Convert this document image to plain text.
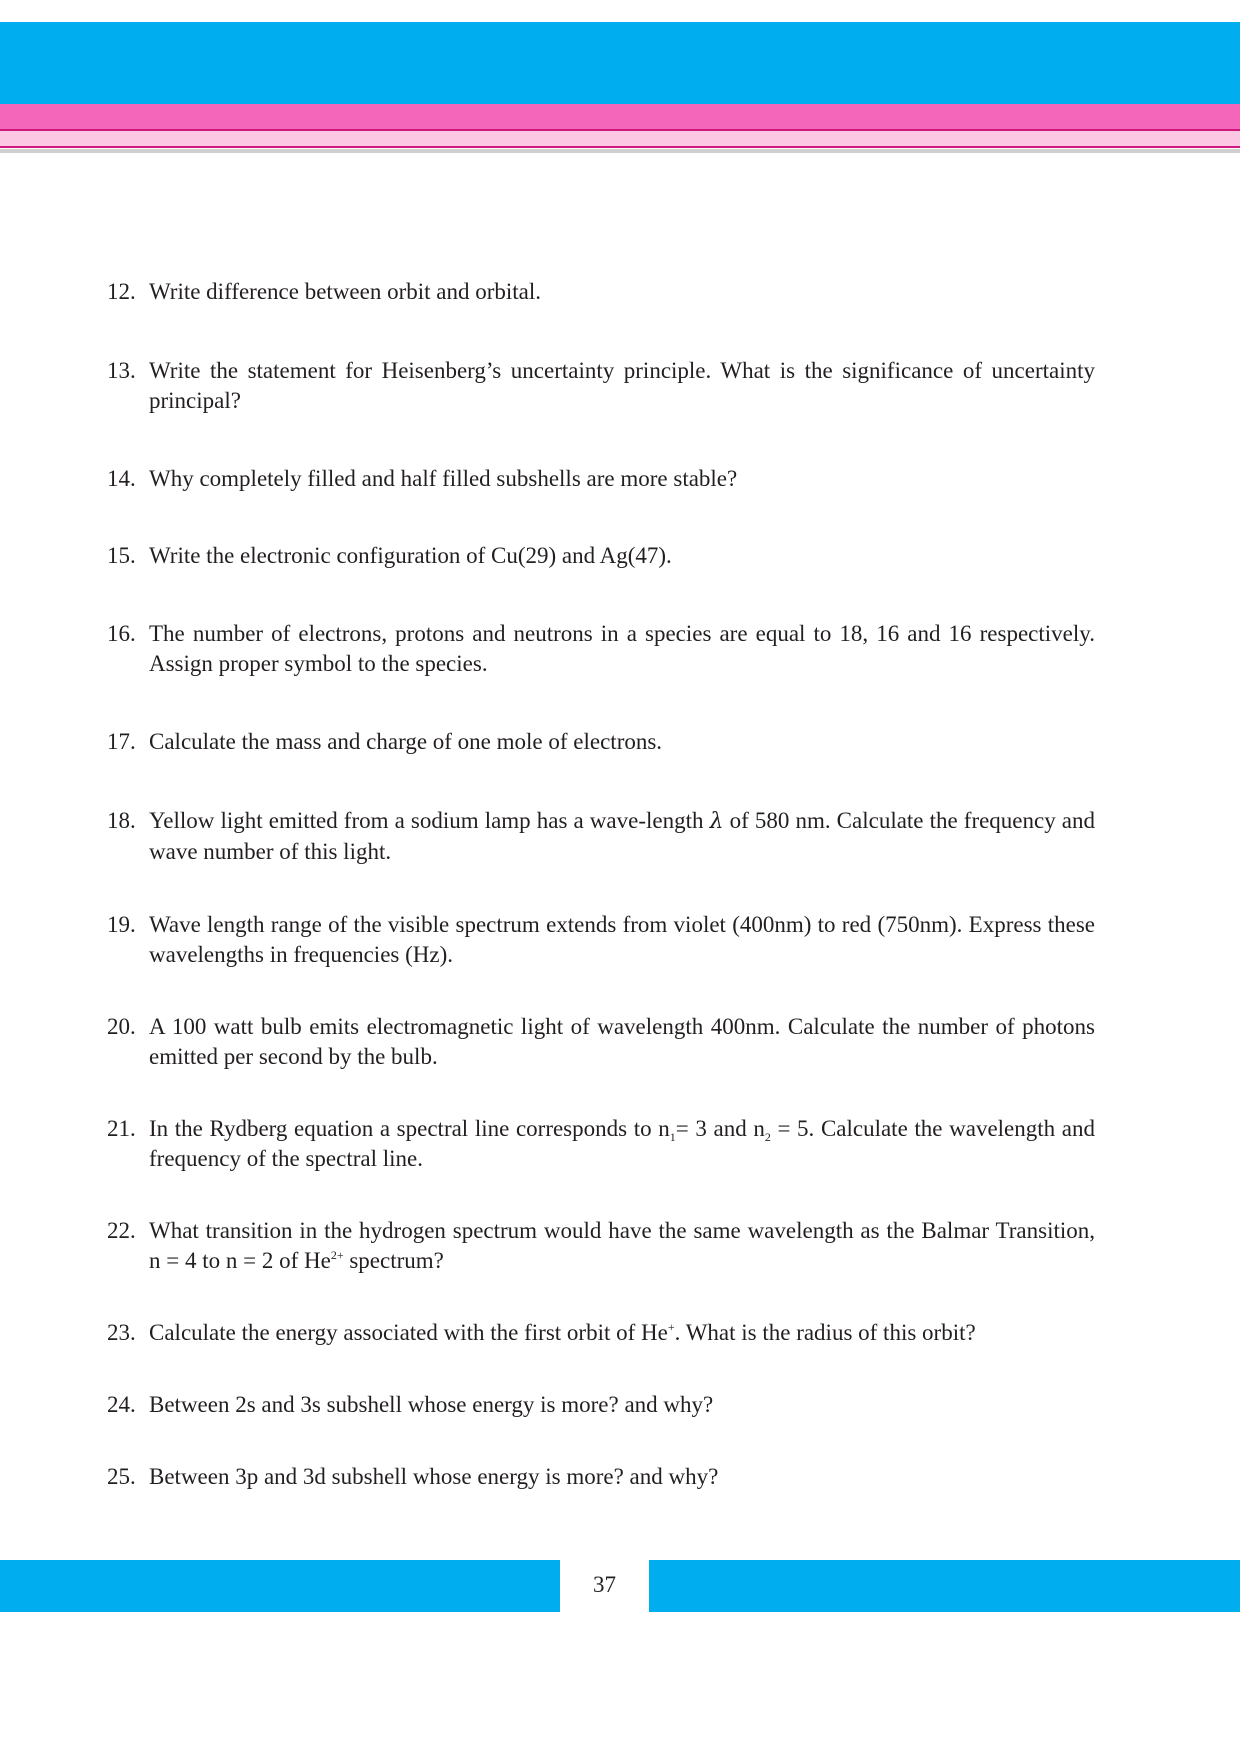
12. Write difference between orbit and orbital.
13. Write the statement for Heisenberg’s uncertainty principle. What is the significance of uncertainty principal?
14. Why completely filled and half filled subshells are more stable?
15. Write the electronic configuration of Cu(29) and Ag(47).
16. The number of electrons, protons and neutrons in a species are equal to 18, 16 and 16 respectively. Assign proper symbol to the species.
17. Calculate the mass and charge of one mole of electrons.
18. Yellow light emitted from a sodium lamp has a wave-length λ of 580 nm. Calculate the frequency and wave number of this light.
19. Wave length range of the visible spectrum extends from violet (400nm) to red (750nm). Express these wavelengths in frequencies (Hz).
20. A 100 watt bulb emits electromagnetic light of wavelength 400nm. Calculate the number of photons emitted per second by the bulb.
21. In the Rydberg equation a spectral line corresponds to $n_1= 3$ and $n_2 = 5$. Calculate the wavelength and frequency of the spectral line.
22. What transition in the hydrogen spectrum would have the same wavelength as the Balmar Transition, n = 4 to n = 2 of $He^{2+}$ spectrum?
23. Calculate the energy associated with the first orbit of He+. What is the radius of this orbit?
24. Between 2s and 3s subshell whose energy is more? and why?
25. Between 3p and 3d subshell whose energy is more? and why?
37
